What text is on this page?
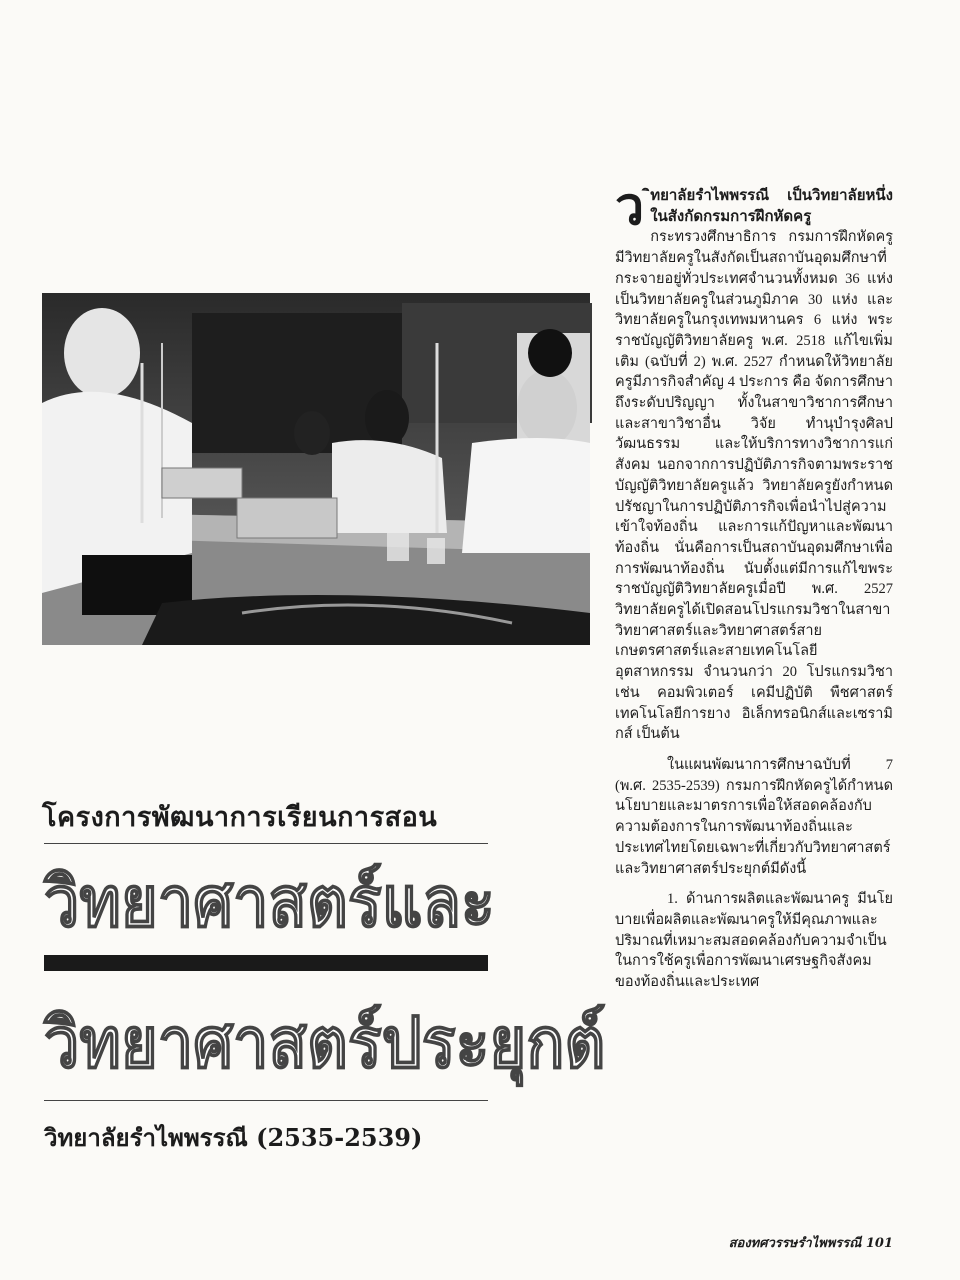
โครงการพัฒนาการเรียนการสอน
วิทยาศาสตร์และ
วิทยาศาสตร์ประยุกต์
วิทยาลัยรำไพพรรณี (2535-2539)

ว ิทยาลัยรำไพพรรณี เป็นวิทยาลัยหนึ่งในสังกัดกรมการฝึกหัดครู

กระทรวงศึกษาธิการ กรมการฝึกหัดครูมีวิทยาลัยครูในสังกัดเป็นสถาบันอุดมศึกษาที่กระจายอยู่ทั่วประเทศจำนวนทั้งหมด 36 แห่ง เป็นวิทยาลัยครูในส่วนภูมิภาค 30 แห่ง และวิทยาลัยครูในกรุงเทพมหานคร 6 แห่ง พระราชบัญญัติวิทยาลัยครู พ.ศ. 2518 แก้ไขเพิ่มเติม (ฉบับที่ 2) พ.ศ. 2527 กำหนดให้วิทยาลัยครูมีภารกิจสำคัญ 4 ประการ คือ จัดการศึกษาถึงระดับปริญญา ทั้งในสาขาวิชาการศึกษาและสาขาวิชาอื่น วิจัย ทำนุบำรุงศิลปวัฒนธรรม และให้บริการทางวิชาการแก่สังคม นอกจากการปฏิบัติภารกิจตามพระราชบัญญัติวิทยาลัยครูแล้ว วิทยาลัยครูยังกำหนดปรัชญาในการปฏิบัติภารกิจเพื่อนำไปสู่ความเข้าใจท้องถิ่น และการแก้ปัญหาและพัฒนาท้องถิ่น นั่นคือการเป็นสถาบันอุดมศึกษาเพื่อการพัฒนาท้องถิ่น นับตั้งแต่มีการแก้ไขพระราชบัญญัติวิทยาลัยครูเมื่อปี พ.ศ. 2527 วิทยาลัยครูได้เปิดสอนโปรแกรมวิชาในสาขาวิทยาศาสตร์และวิทยาศาสตร์สายเกษตรศาสตร์และสายเทคโนโลยีอุตสาหกรรม จำนวนกว่า 20 โปรแกรมวิชา เช่น คอมพิวเตอร์ เคมีปฏิบัติ พืชศาสตร์ เทคโนโลยีการยาง อิเล็กทรอนิกส์และเซรามิกส์ เป็นต้น

ในแผนพัฒนาการศึกษาฉบับที่ 7 (พ.ศ. 2535-2539) กรมการฝึกหัดครูได้กำหนดนโยบายและมาตรการเพื่อให้สอดคล้องกับความต้องการในการพัฒนาท้องถิ่นและประเทศไทยโดยเฉพาะที่เกี่ยวกับวิทยาศาสตร์ และวิทยาศาสตร์ประยุกต์มีดังนี้

1. ด้านการผลิตและพัฒนาครู มีนโยบายเพื่อผลิตและพัฒนาครูให้มีคุณภาพและปริมาณที่เหมาะสมสอดคล้องกับความจำเป็นในการใช้ครูเพื่อการพัฒนาเศรษฐกิจสังคมของท้องถิ่นและประเทศ

สองทศวรรษรำไพพรรณี 101
